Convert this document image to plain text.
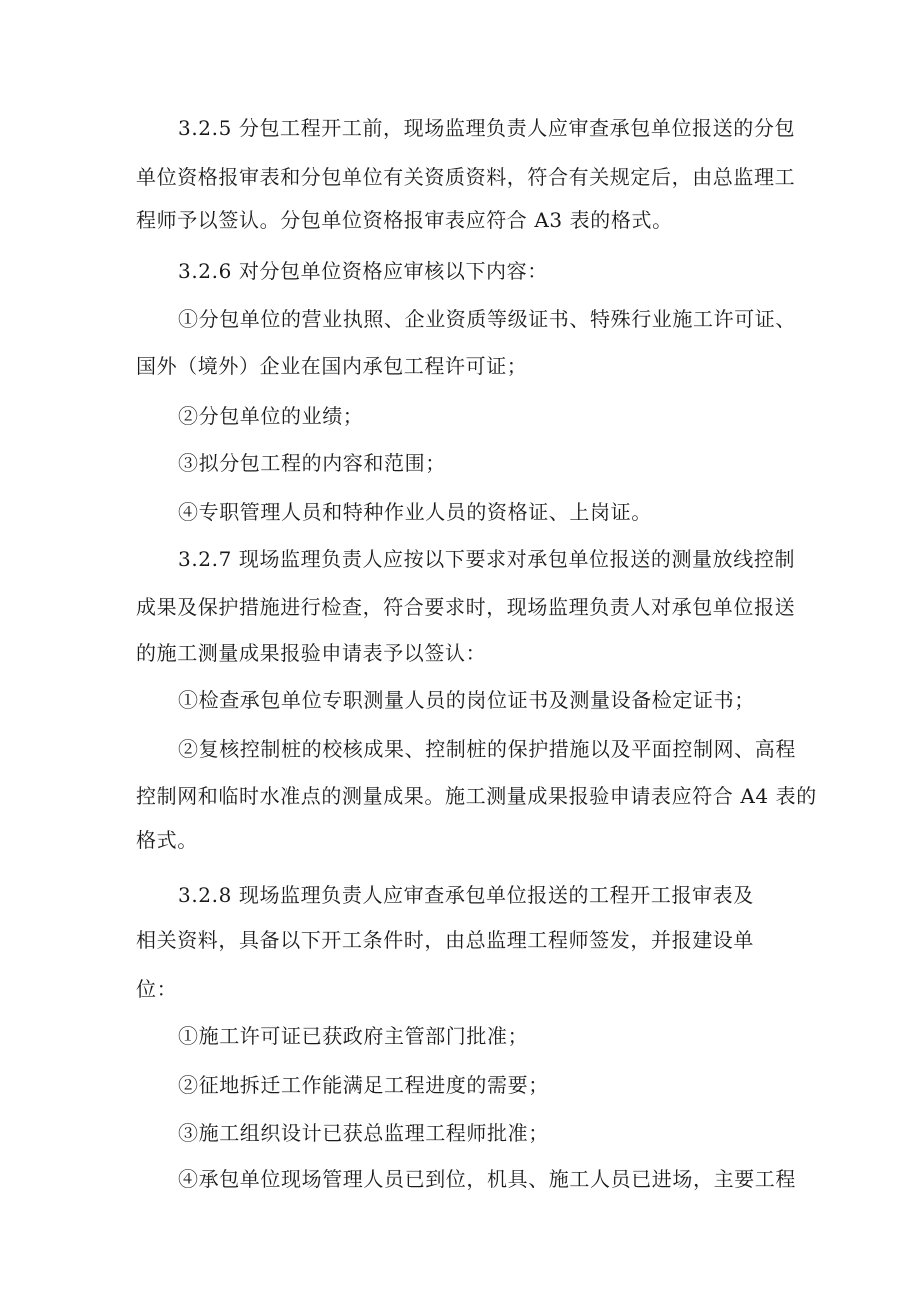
3.2.5 分包工程开工前，现场监理负责人应审查承包单位报送的分包
单位资格报审表和分包单位有关资质资料，符合有关规定后，由总监理工
程师予以签认。分包单位资格报审表应符合 A3 表的格式。
3.2.6 对分包单位资格应审核以下内容：
①分包单位的营业执照、企业资质等级证书、特殊行业施工许可证、
国外（境外）企业在国内承包工程许可证；
②分包单位的业绩；
③拟分包工程的内容和范围；
④专职管理人员和特种作业人员的资格证、上岗证。
3.2.7 现场监理负责人应按以下要求对承包单位报送的测量放线控制
成果及保护措施进行检查，符合要求时，现场监理负责人对承包单位报送
的施工测量成果报验申请表予以签认：
①检查承包单位专职测量人员的岗位证书及测量设备检定证书；
②复核控制桩的校核成果、控制桩的保护措施以及平面控制网、高程
控制网和临时水准点的测量成果。施工测量成果报验申请表应符合 A4 表的
格式。
3.2.8 现场监理负责人应审查承包单位报送的工程开工报审表及
相关资料，具备以下开工条件时，由总监理工程师签发，并报建设单
位：
①施工许可证已获政府主管部门批准；
②征地拆迁工作能满足工程进度的需要；
③施工组织设计已获总监理工程师批准；
④承包单位现场管理人员已到位，机具、施工人员已进场，主要工程
